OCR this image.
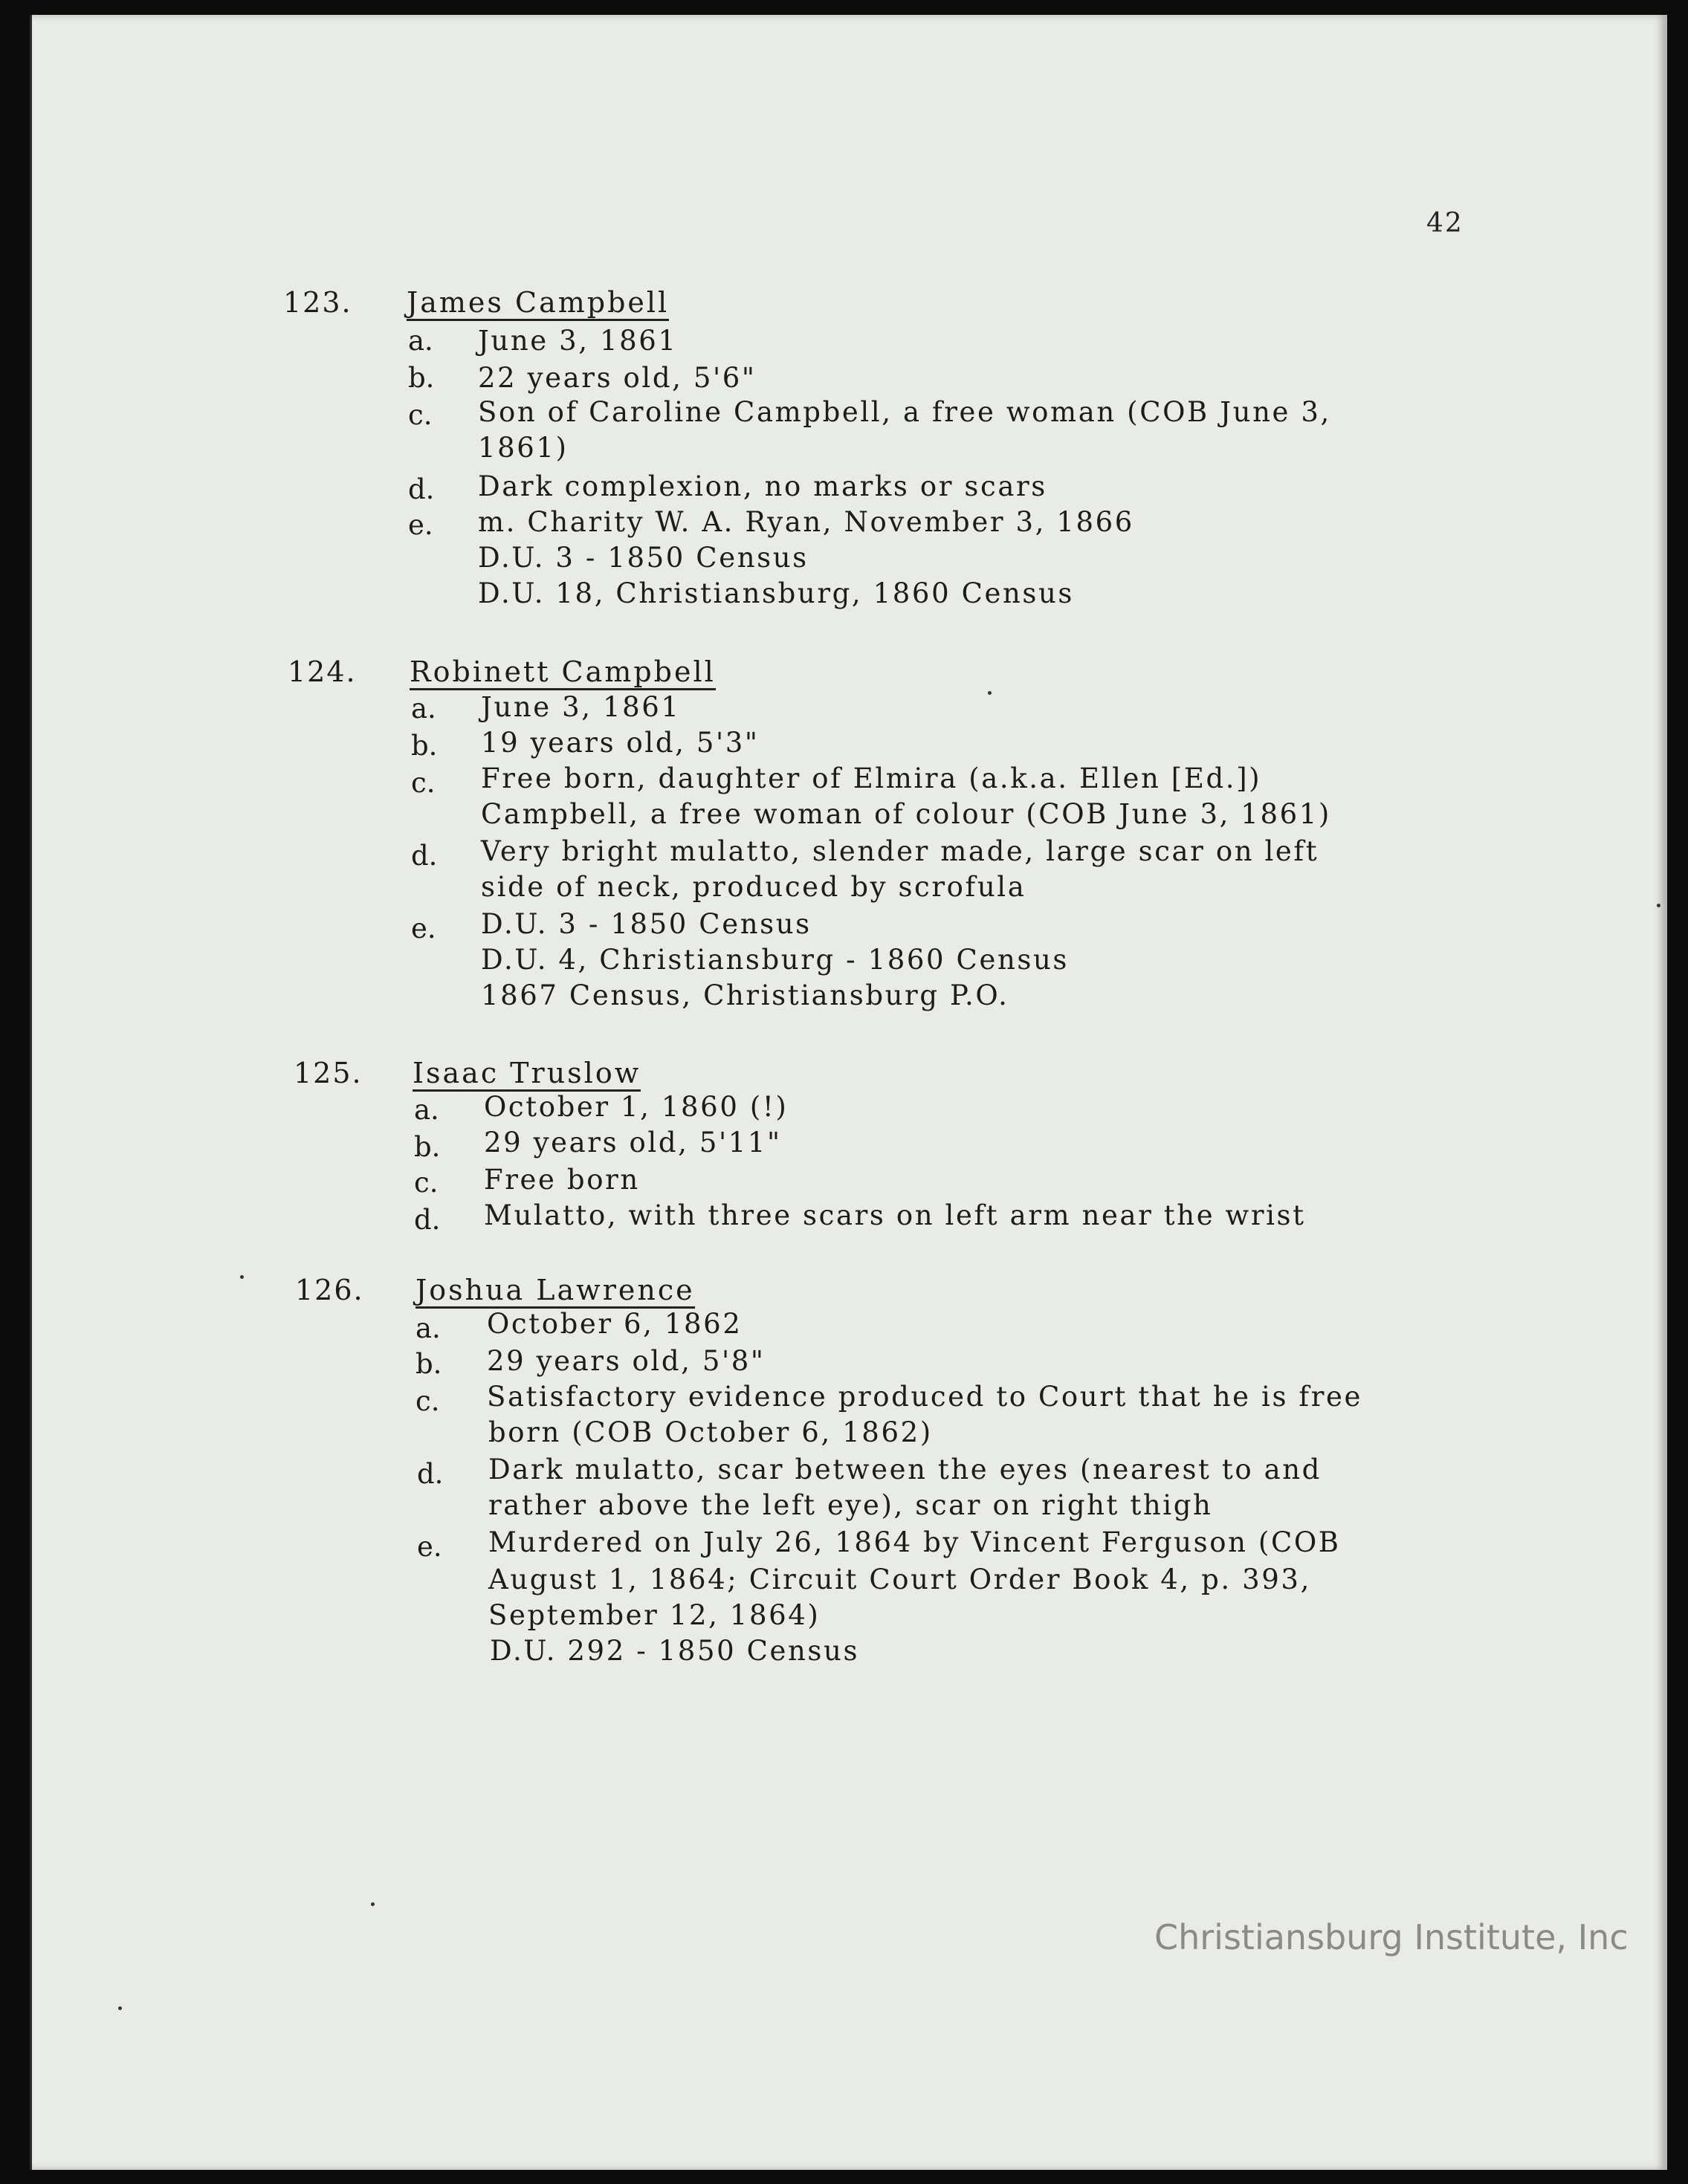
42
123. James Campbell
a. June 3, 1861
b. 22 years old, 5'6"
c. Son of Caroline Campbell, a free woman (COB June 3,
1861)
d. Dark complexion, no marks or scars
e. m. Charity W. A. Ryan, November 3, 1866
D.U. 3 - 1850 Census
D.U. 18, Christiansburg, 1860 Census
124. Robinett Campbell
a. June 3, 1861
b. 19 years old, 5'3"
c. Free born, daughter of Elmira (a.k.a. Ellen [Ed.])
Campbell, a free woman of colour (COB June 3, 1861)
d. Very bright mulatto, slender made, large scar on left
side of neck, produced by scrofula
e. D.U. 3 - 1850 Census
D.U. 4, Christiansburg - 1860 Census
1867 Census, Christiansburg P.O.
125. Isaac Truslow
a. October 1, 1860 (!)
b. 29 years old, 5'11"
c. Free born
d. Mulatto, with three scars on left arm near the wrist
126. Joshua Lawrence
a. October 6, 1862
b. 29 years old, 5'8"
c. Satisfactory evidence produced to Court that he is free
born (COB October 6, 1862)
d. Dark mulatto, scar between the eyes (nearest to and
rather above the left eye), scar on right thigh
e. Murdered on July 26, 1864 by Vincent Ferguson (COB
August 1, 1864; Circuit Court Order Book 4, p. 393,
September 12, 1864)
D.U. 292 - 1850 Census
Christiansburg Institute, Inc
